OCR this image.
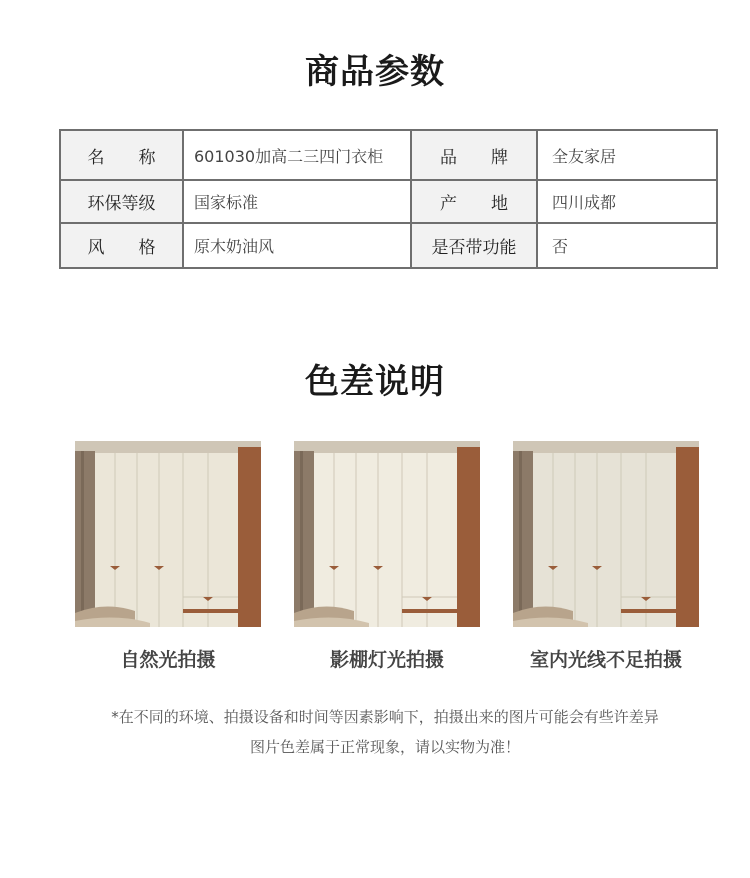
商品参数
名　　称	601030加高二三四门衣柜	品　　牌	全友家居
环保等级	国家标准	产　　地	四川成都
风　　格	原木奶油风	是否带功能	否
色差说明
自然光拍摄	影棚灯光拍摄	室内光线不足拍摄
*在不同的环境、拍摄设备和时间等因素影响下，拍摄出来的图片可能会有些许差异
图片色差属于正常现象，请以实物为准！
